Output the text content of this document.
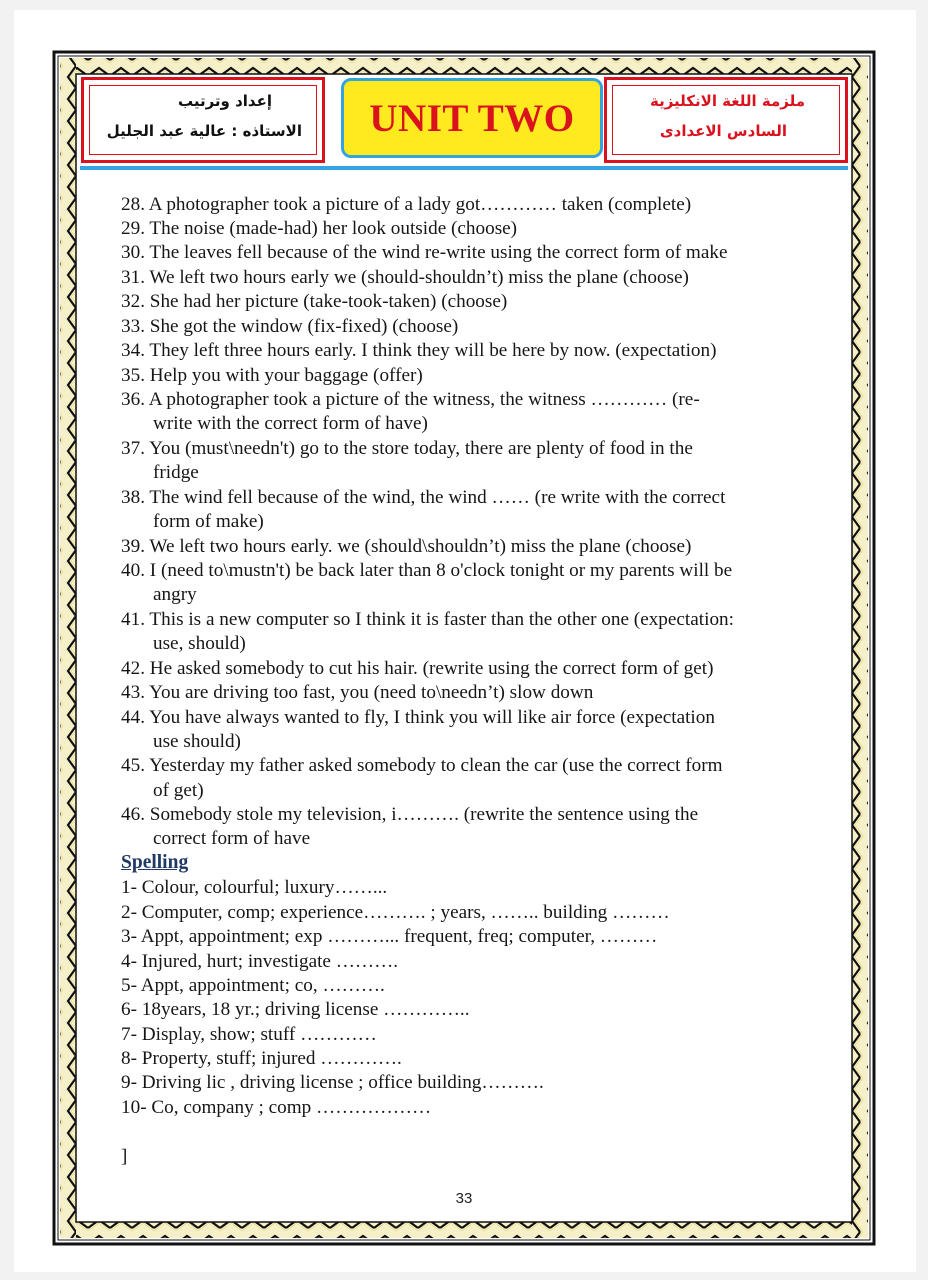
إعداد وترتيب
الاستاذه : عالية عبد الجليل UNIT TWO	ملزمة اللغة الانكليزية
السادس الاعدادى
28. A photographer took a picture of a lady got………… taken (complete)
29. The noise (made-had) her look outside (choose)
30. The leaves fell because of the wind re-write using the correct form of make
31. We left two hours early we (should-shouldn’t) miss the plane (choose)
32. She had her picture (take-took-taken) (choose)
33. She got the window (fix-fixed) (choose)
34. They left three hours early. I think they will be here by now. (expectation)
35. Help you with your baggage (offer)
36. A photographer took a picture of the witness, the witness ………… (re-
write with the correct form of have)
37. You (must\needn't) go to the store today, there are plenty of food in the
fridge
38. The wind fell because of the wind, the wind …… (re write with the correct
form of make)
39. We left two hours early. we (should\shouldn’t) miss the plane (choose)
40. I (need to\mustn't) be back later than 8 o'clock tonight or my parents will be
angry
41. This is a new computer so I think it is faster than the other one (expectation:
use, should)
42. He asked somebody to cut his hair. (rewrite using the correct form of get)
43. You are driving too fast, you (need to\needn’t) slow down
44. You have always wanted to fly, I think you will like air force (expectation
use should)
45. Yesterday my father asked somebody to clean the car (use the correct form
of get)
46. Somebody stole my television, i………. (rewrite the sentence using the
correct form of have
Spelling
1- Colour, colourful; luxury……...
2- Computer, comp; experience………. ; years, …….. building ………
3- Appt, appointment; exp ………... frequent, freq; computer, ………
4- Injured, hurt; investigate ……….
5- Appt, appointment; co, ……….
6- 18years, 18 yr.; driving license …………..
7- Display, show; stuff …………
8- Property, stuff; injured ………….
9- Driving lic , driving license ; office building……….
10- Co, company ; comp ………………
]
33
